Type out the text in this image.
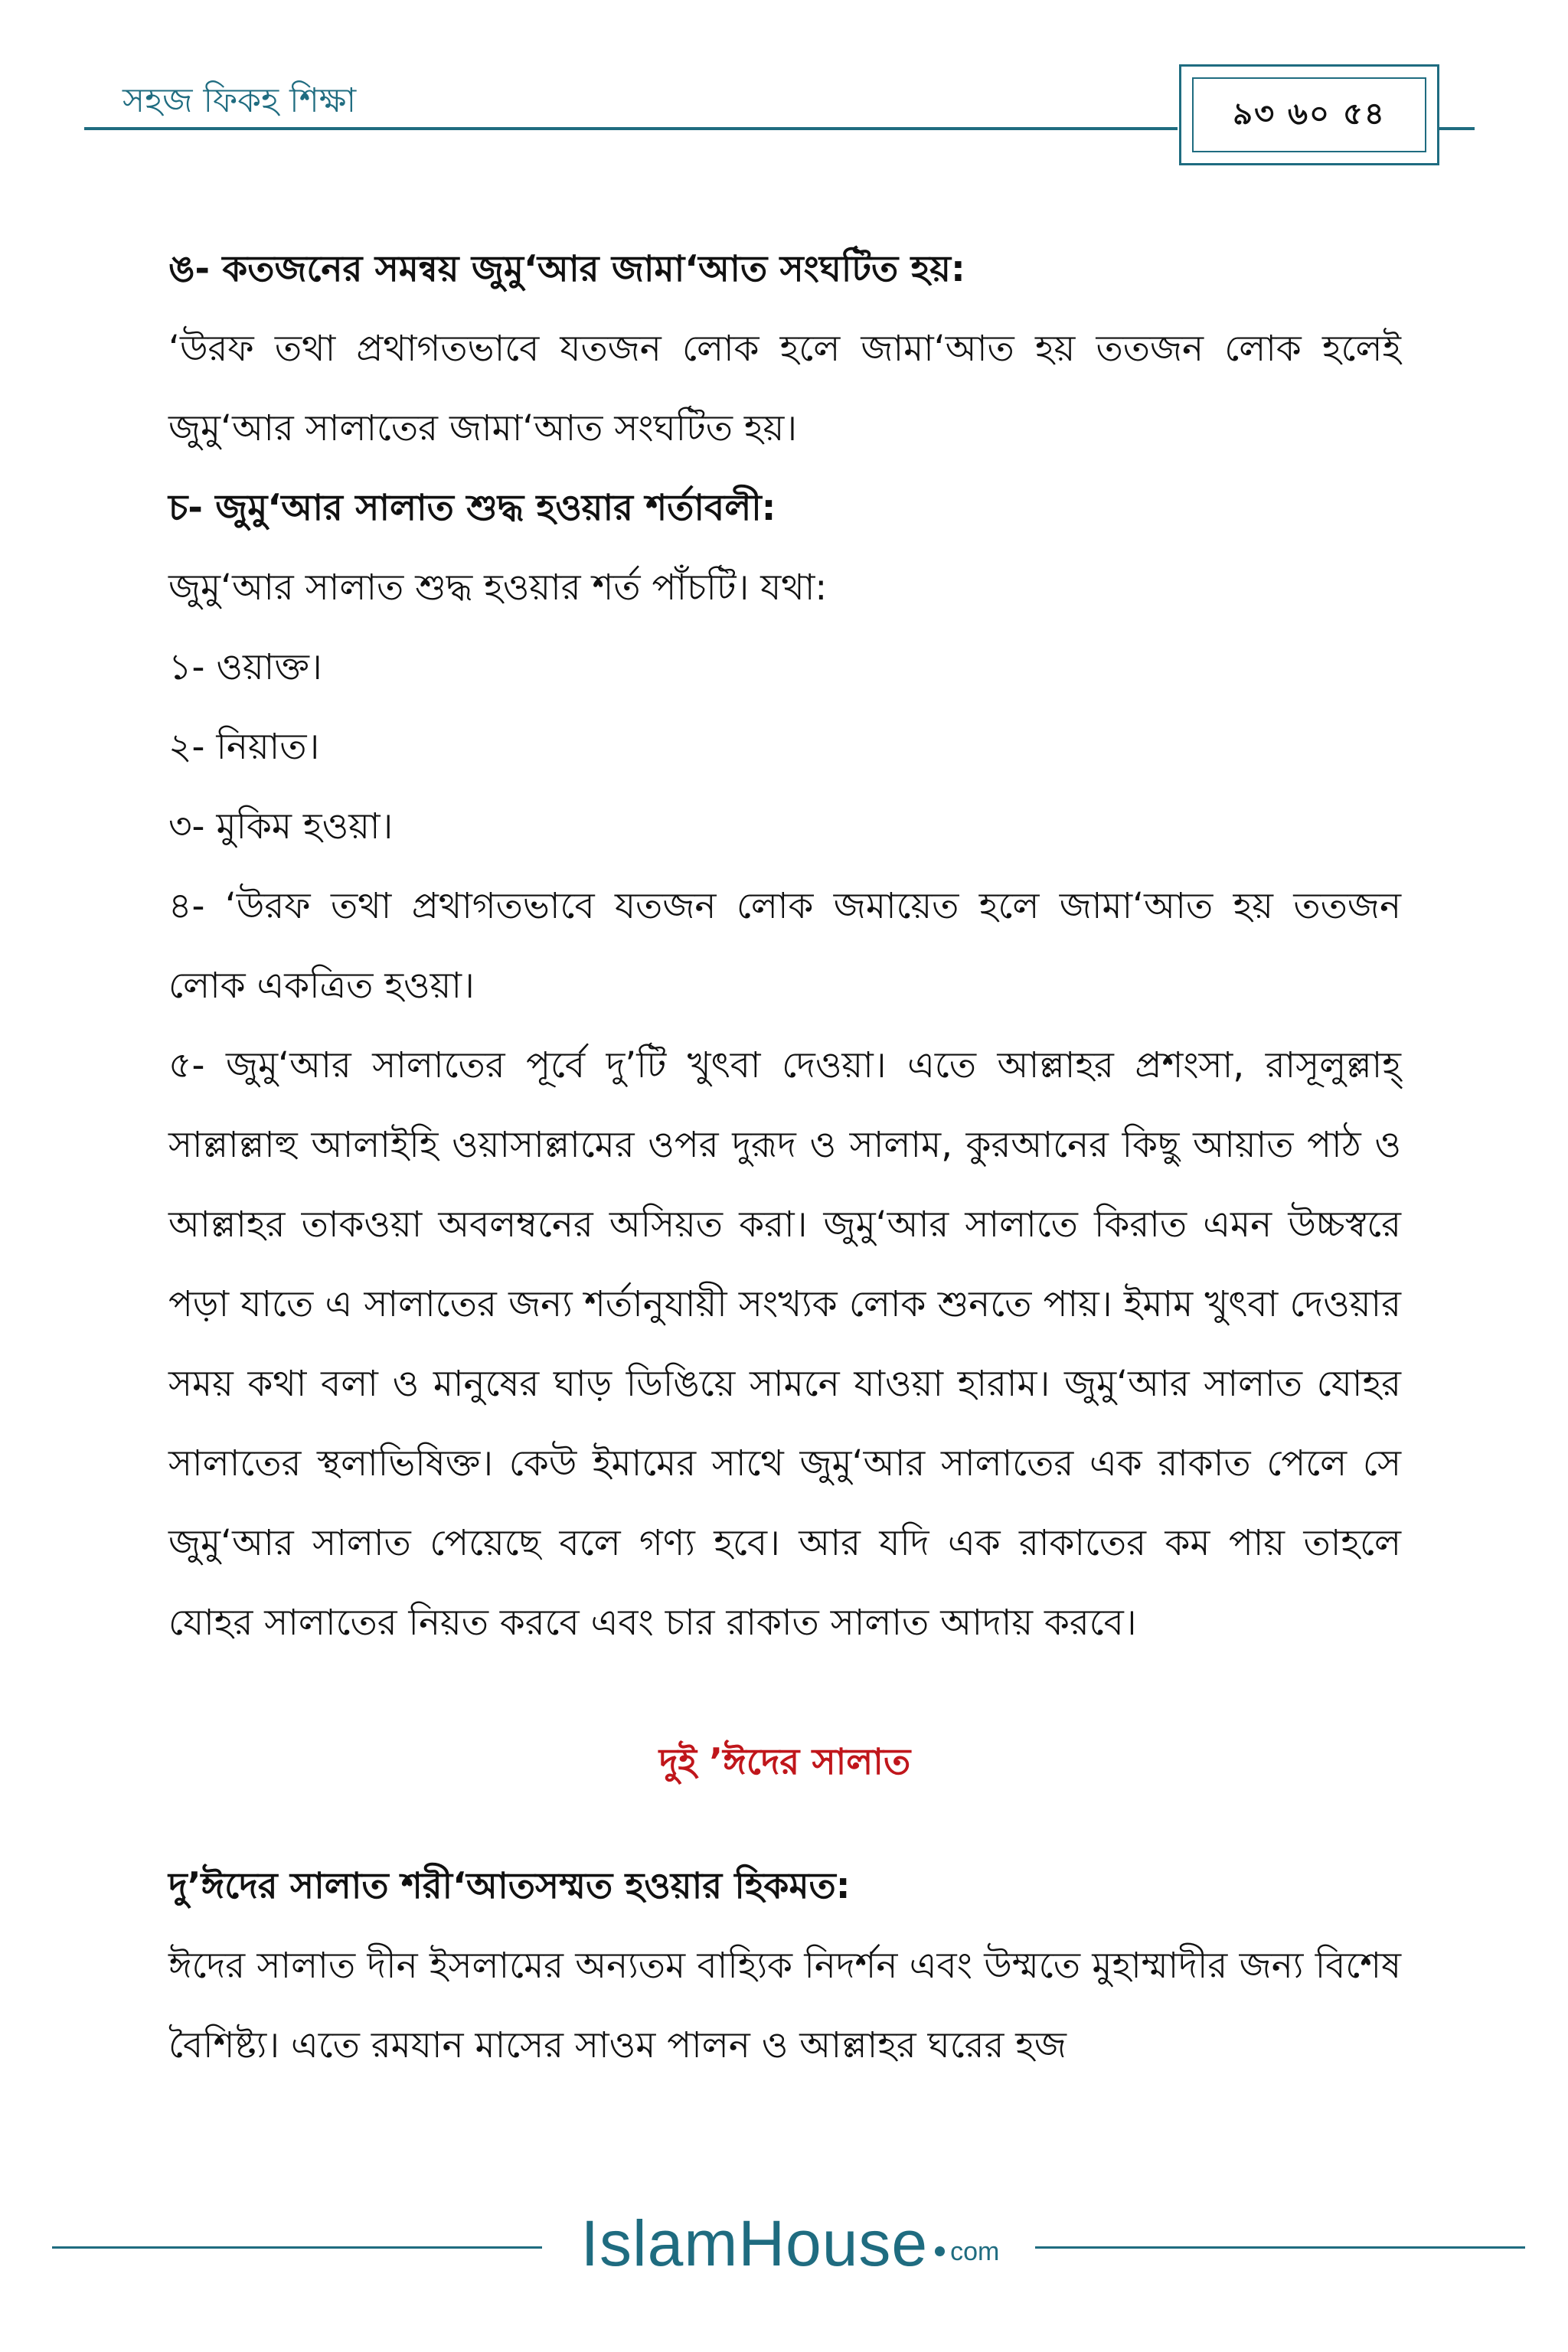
সহজ ফিকহ শিক্ষা	৯৩ ৬০ ৫৪

ঙ- কতজনের সমন্বয় জুমু‘আর জামা‘আত সংঘটিত হয়:

‘উরফ তথা প্রথাগতভাবে যতজন লোক হলে জামা‘আত হয় ততজন লোক হলেই জুমু‘আর সালাতের জামা‘আত সংঘটিত হয়।

চ- জুমু‘আর সালাত শুদ্ধ হওয়ার শর্তাবলী:

জুমু‘আর সালাত শুদ্ধ হওয়ার শর্ত পাঁচটি। যথা:

১- ওয়াক্ত।

২- নিয়াত।

৩- মুকিম হওয়া।

৪- ‘উরফ তথা প্রথাগতভাবে যতজন লোক জমায়েত হলে জামা‘আত হয় ততজন লোক একত্রিত হওয়া।

৫- জুমু‘আর সালাতের পূর্বে দু’টি খুৎবা দেওয়া। এতে আল্লাহর প্রশংসা, রাসূলুল্লাহ্ সাল্লাল্লাহু আলাইহি ওয়াসাল্লামের ওপর দুরূদ ও সালাম, কুরআনের কিছু আয়াত পাঠ ও আল্লাহর তাকওয়া অবলম্বনের অসিয়ত করা। জুমু‘আর সালাতে কিরাত এমন উচ্চস্বরে পড়া যাতে এ সালাতের জন্য শর্তানুযায়ী সংখ্যক লোক শুনতে পায়। ইমাম খুৎবা দেওয়ার সময় কথা বলা ও মানুষের ঘাড় ডিঙিয়ে সামনে যাওয়া হারাম। জুমু‘আর সালাত যোহর সালাতের স্থলাভিষিক্ত। কেউ ইমামের সাথে জুমু‘আর সালাতের এক রাকাত পেলে সে জুমু‘আর সালাত পেয়েছে বলে গণ্য হবে। আর যদি এক রাকাতের কম পায় তাহলে যোহর সালাতের নিয়ত করবে এবং চার রাকাত সালাত আদায় করবে।

দুই ’ঈদের সালাত

দু’ঈদের সালাত শরী‘আতসম্মত হওয়ার হিকমত:

ঈদের সালাত দীন ইসলামের অন্যতম বাহ্যিক নিদর্শন এবং উম্মতে মুহাম্মাদীর জন্য বিশেষ বৈশিষ্ট্য। এতে রমযান মাসের সাওম পালন ও আল্লাহর ঘরের হজ

IslamHouse com
